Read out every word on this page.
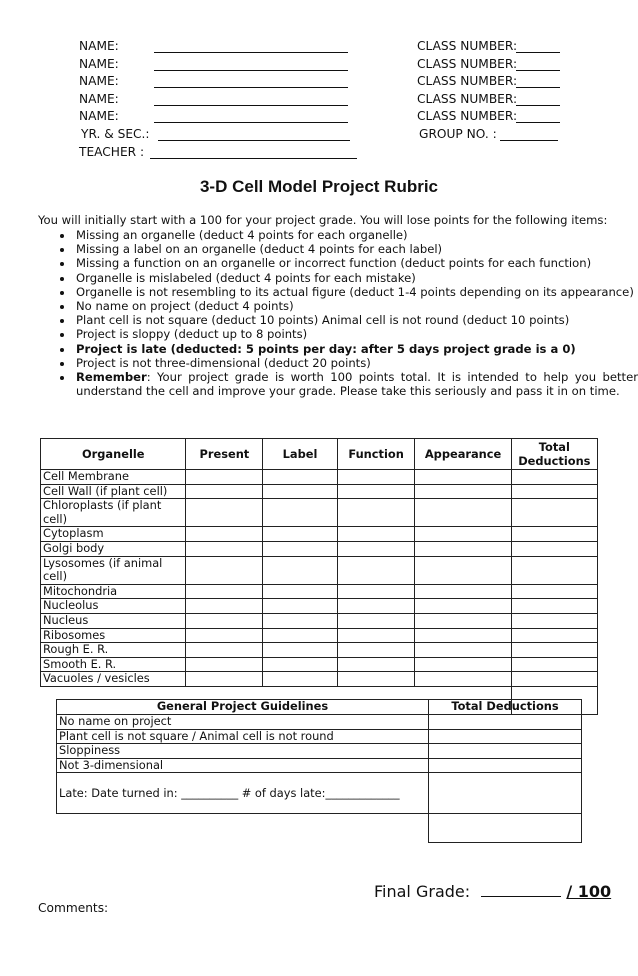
NAME:	CLASS NUMBER:
NAME:	CLASS NUMBER:
NAME:	CLASS NUMBER:
NAME:	CLASS NUMBER:
NAME:	CLASS NUMBER:
YR. & SEC.:	GROUP NO. :
TEACHER :
3-D Cell Model Project Rubric
You will initially start with a 100 for your project grade. You will lose points for the following items:
• Missing an organelle (deduct 4 points for each organelle)
• Missing a label on an organelle (deduct 4 points for each label)
• Missing a function on an organelle or incorrect function (deduct points for each function)
• Organelle is mislabeled (deduct 4 points for each mistake)
• Organelle is not resembling to its actual figure (deduct 1-4 points depending on its appearance)
• No name on project (deduct 4 points)
• Plant cell is not square (deduct 10 points) Animal cell is not round (deduct 10 points)
• Project is sloppy (deduct up to 8 points)
• Project is late (deducted: 5 points per day: after 5 days project grade is a 0)
• Project is not three-dimensional (deduct 20 points)
• Remember: Your project grade is worth 100 points total. It is intended to help you better understand the cell and improve your grade. Please take this seriously and pass it in on time.
Organelle	Present	Label	Function	Appearance	Total Deductions
Cell Membrane					
Cell Wall (if plant cell)					
Chloroplasts (if plant cell)					
Cytoplasm					
Golgi body					
Lysosomes (if animal cell)					
Mitochondria					
Nucleolus					
Nucleus					
Ribosomes					
Rough E. R.					
Smooth E. R.					
Vacuoles / vesicles					

General Project Guidelines	Total Deductions
No name on project	
Plant cell is not square / Animal cell is not round	
Sloppiness	
Not 3-dimensional	
Late: Date turned in: __________ # of days late:_____________	

Final Grade:	/ 100
Comments:
